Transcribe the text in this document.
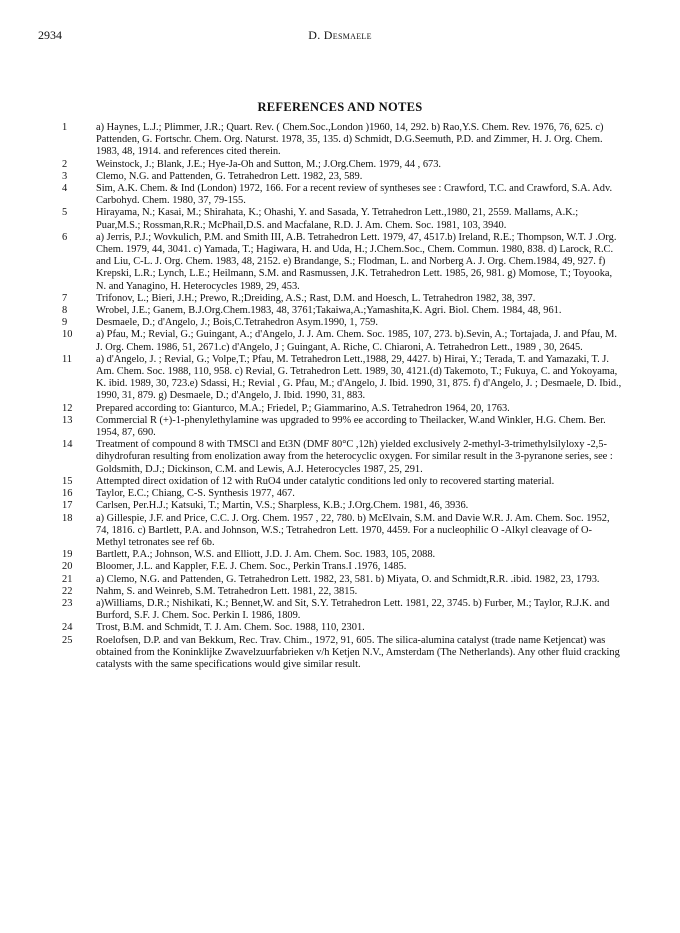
2934	D. Desmaele
REFERENCES AND NOTES
1	a) Haynes, L.J.; Plimmer, J.R.; Quart. Rev. ( Chem.Soc.,London )1960, 14, 292. b) Rao,Y.S. Chem. Rev. 1976, 76, 625. c) Pattenden, G. Fortschr. Chem. Org. Naturst. 1978, 35, 135. d) Schmidt, D.G.Seemuth, P.D. and Zimmer, H. J. Org. Chem. 1983, 48, 1914. and references cited therein.
2	Weinstock, J.; Blank, J.E.; Hye-Ja-Oh and Sutton, M.; J.Org.Chem. 1979, 44 , 673.
3	Clemo, N.G. and Pattenden, G. Tetrahedron Lett. 1982, 23, 589.
4	Sim, A.K. Chem. & Ind (London) 1972, 166. For a recent review of syntheses see : Crawford, T.C. and Crawford, S.A. Adv. Carbohyd. Chem. 1980, 37, 79-155.
5	Hirayama, N.; Kasai, M.; Shirahata, K.; Ohashi, Y. and Sasada, Y. Tetrahedron Lett.,1980, 21, 2559. Mallams, A.K.; Puar,M.S.; Rossman,R.R.; McPhail,D.S. and Macfalane, R.D. J. Am. Chem. Soc. 1981, 103, 3940.
6	a) Jerris, P.J.; Wovkulich, P.M. and Smith III, A.B. Tetrahedron Lett. 1979, 47, 4517.b) Ireland, R.E.; Thompson, W.T. J .Org. Chem. 1979, 44, 3041. c) Yamada, T.; Hagiwara, H. and Uda, H.; J.Chem.Soc., Chem. Commun. 1980, 838. d) Larock, R.C. and Liu, C-L. J. Org. Chem. 1983, 48, 2152. e) Brandange, S.; Flodman, L. and Norberg A. J. Org. Chem.1984, 49, 927. f) Krepski, L.R.; Lynch, L.E.; Heilmann, S.M. and Rasmussen, J.K. Tetrahedron Lett. 1985, 26, 981. g) Momose, T.; Toyooka, N. and Yanagino, H. Heterocycles 1989, 29, 453.
7	Trifonov, L.; Bieri, J.H.; Prewo, R.;Dreiding, A.S.; Rast, D.M. and Hoesch, L. Tetrahedron 1982, 38, 397.
8	Wrobel, J.E.; Ganem, B.J.Org.Chem.1983, 48, 3761;Takaiwa,A.;Yamashita,K. Agri. Biol. Chem. 1984, 48, 961.
9	Desmaele, D.; d'Angelo, J.; Bois,C.Tetrahedron Asym.1990, 1, 759.
10	a) Pfau, M.; Revial, G.; Guingant, A.; d'Angelo, J. J. Am. Chem. Soc. 1985, 107, 273. b).Sevin, A.; Tortajada, J. and Pfau, M. J. Org. Chem. 1986, 51, 2671.c) d'Angelo, J ; Guingant, A. Riche, C. Chiaroni, A. Tetrahedron Lett., 1989 , 30, 2645.
11	a) d'Angelo, J. ; Revial, G.; Volpe,T.; Pfau, M. Tetrahedron Lett.,1988, 29, 4427. b) Hirai, Y.; Terada, T. and Yamazaki, T. J. Am. Chem. Soc. 1988, 110, 958. c) Revial, G. Tetrahedron Lett. 1989, 30, 4121.(d) Takemoto, T.; Fukuya, C. and Yokoyama, K. ibid. 1989, 30, 723.e) Sdassi, H.; Revial , G. Pfau, M.; d'Angelo, J. Ibid. 1990, 31, 875. f) d'Angelo, J. ; Desmaele, D. Ibid., 1990, 31, 879. g) Desmaele, D.; d'Angelo, J. Ibid. 1990, 31, 883.
12	Prepared according to: Gianturco, M.A.; Friedel, P.; Giammarino, A.S. Tetrahedron 1964, 20, 1763.
13	Commercial R (+)-1-phenylethylamine was upgraded to 99% ee according to Theilacker, W.and Winkler, H.G. Chem. Ber. 1954, 87, 690.
14	Treatment of compound 8 with TMSCl and Et3N (DMF 80°C ,12h) yielded exclusively 2-methyl-3-trimethylsilyloxy -2,5- dihydrofuran resulting from enolization away from the heterocyclic oxygen. For similar result in the 3-pyranone series, see : Goldsmith, D.J.; Dickinson, C.M. and Lewis, A.J. Heterocycles 1987, 25, 291.
15	Attempted direct oxidation of 12 with RuO4 under catalytic conditions led only to recovered starting material.
16	Taylor, E.C.; Chiang, C-S. Synthesis 1977, 467.
17	Carlsen, Per.H.J.; Katsuki, T.; Martin, V.S.; Sharpless, K.B.; J.Org.Chem. 1981, 46, 3936.
18	a) Gillespie, J.F. and Price, C.C. J. Org. Chem. 1957 , 22, 780. b) McElvain, S.M. and Davie W.R. J. Am. Chem. Soc. 1952, 74, 1816. c) Bartlett, P.A. and Johnson, W.S.; Tetrahedron Lett. 1970, 4459. For a nucleophilic O -Alkyl cleavage of O-Methyl tetronates see ref 6b.
19	Bartlett, P.A.; Johnson, W.S. and Elliott, J.D. J. Am. Chem. Soc. 1983, 105, 2088.
20	Bloomer, J.L. and Kappler, F.E. J. Chem. Soc., Perkin Trans.I .1976, 1485.
21	a) Clemo, N.G. and Pattenden, G. Tetrahedron Lett. 1982, 23, 581. b) Miyata, O. and Schmidt,R.R. .ibid. 1982, 23, 1793.
22	Nahm, S. and Weinreb, S.M. Tetrahedron Lett. 1981, 22, 3815.
23	a)Williams, D.R.; Nishikati, K.; Bennet,W. and Sit, S.Y. Tetrahedron Lett. 1981, 22, 3745. b) Furber, M.; Taylor, R.J.K. and Burford, S.F. J. Chem. Soc. Perkin I. 1986, 1809.
24	Trost, B.M. and Schmidt, T. J. Am. Chem. Soc. 1988, 110, 2301.
25	Roelofsen, D.P. and van Bekkum, Rec. Trav. Chim., 1972, 91, 605. The silica-alumina catalyst (trade name Ketjencat) was obtained from the Koninklijke Zwavelzuurfabrieken v/h Ketjen N.V., Amsterdam (The Netherlands). Any other fluid cracking catalysts with the same specifications would give similar result.
